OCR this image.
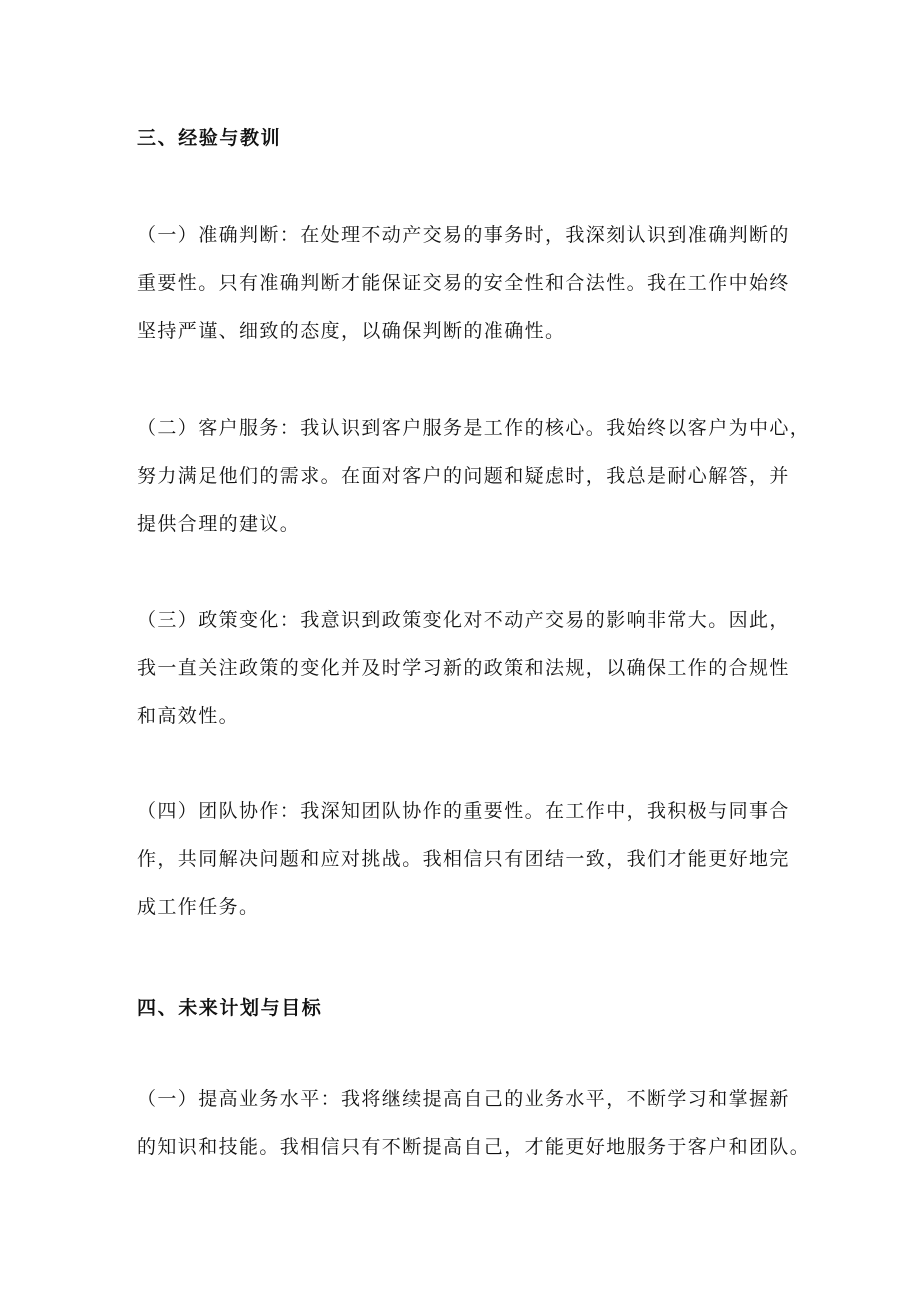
三、经验与教训

（一）准确判断：在处理不动产交易的事务时，我深刻认识到准确判断的

重要性。只有准确判断才能保证交易的安全性和合法性。我在工作中始终

坚持严谨、细致的态度，以确保判断的准确性。

（二）客户服务：我认识到客户服务是工作的核心。我始终以客户为中心，

努力满足他们的需求。在面对客户的问题和疑虑时，我总是耐心解答，并

提供合理的建议。

（三）政策变化：我意识到政策变化对不动产交易的影响非常大。因此，

我一直关注政策的变化并及时学习新的政策和法规，以确保工作的合规性

和高效性。

（四）团队协作：我深知团队协作的重要性。在工作中，我积极与同事合

作，共同解决问题和应对挑战。我相信只有团结一致，我们才能更好地完

成工作任务。

四、未来计划与目标

（一）提高业务水平：我将继续提高自己的业务水平，不断学习和掌握新

的知识和技能。我相信只有不断提高自己，才能更好地服务于客户和团队。
